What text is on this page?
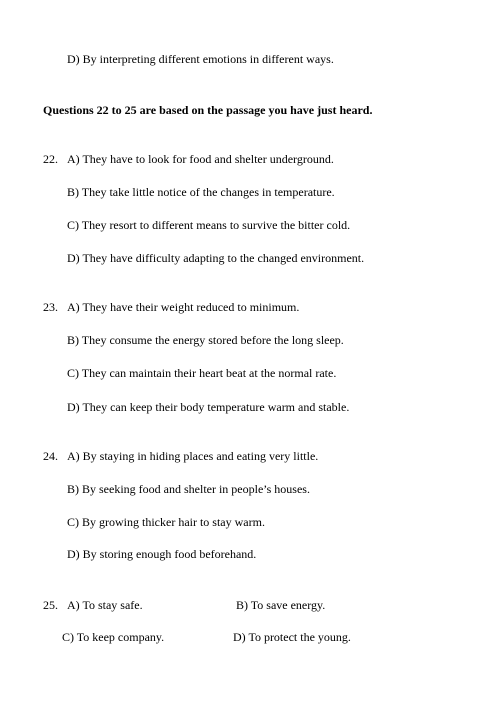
D) By interpreting different emotions in different ways.
Questions 22 to 25 are based on the passage you have just heard.
22. A) They have to look for food and shelter underground.
B) They take little notice of the changes in temperature.
C) They resort to different means to survive the bitter cold.
D) They have difficulty adapting to the changed environment.
23. A) They have their weight reduced to minimum.
B) They consume the energy stored before the long sleep.
C) They can maintain their heart beat at the normal rate.
D) They can keep their body temperature warm and stable.
24. A) By staying in hiding places and eating very little.
B) By seeking food and shelter in people’s houses.
C) By growing thicker hair to stay warm.
D) By storing enough food beforehand.
25. A) To stay safe.	B) To save energy.
C) To keep company.	D) To protect the young.
